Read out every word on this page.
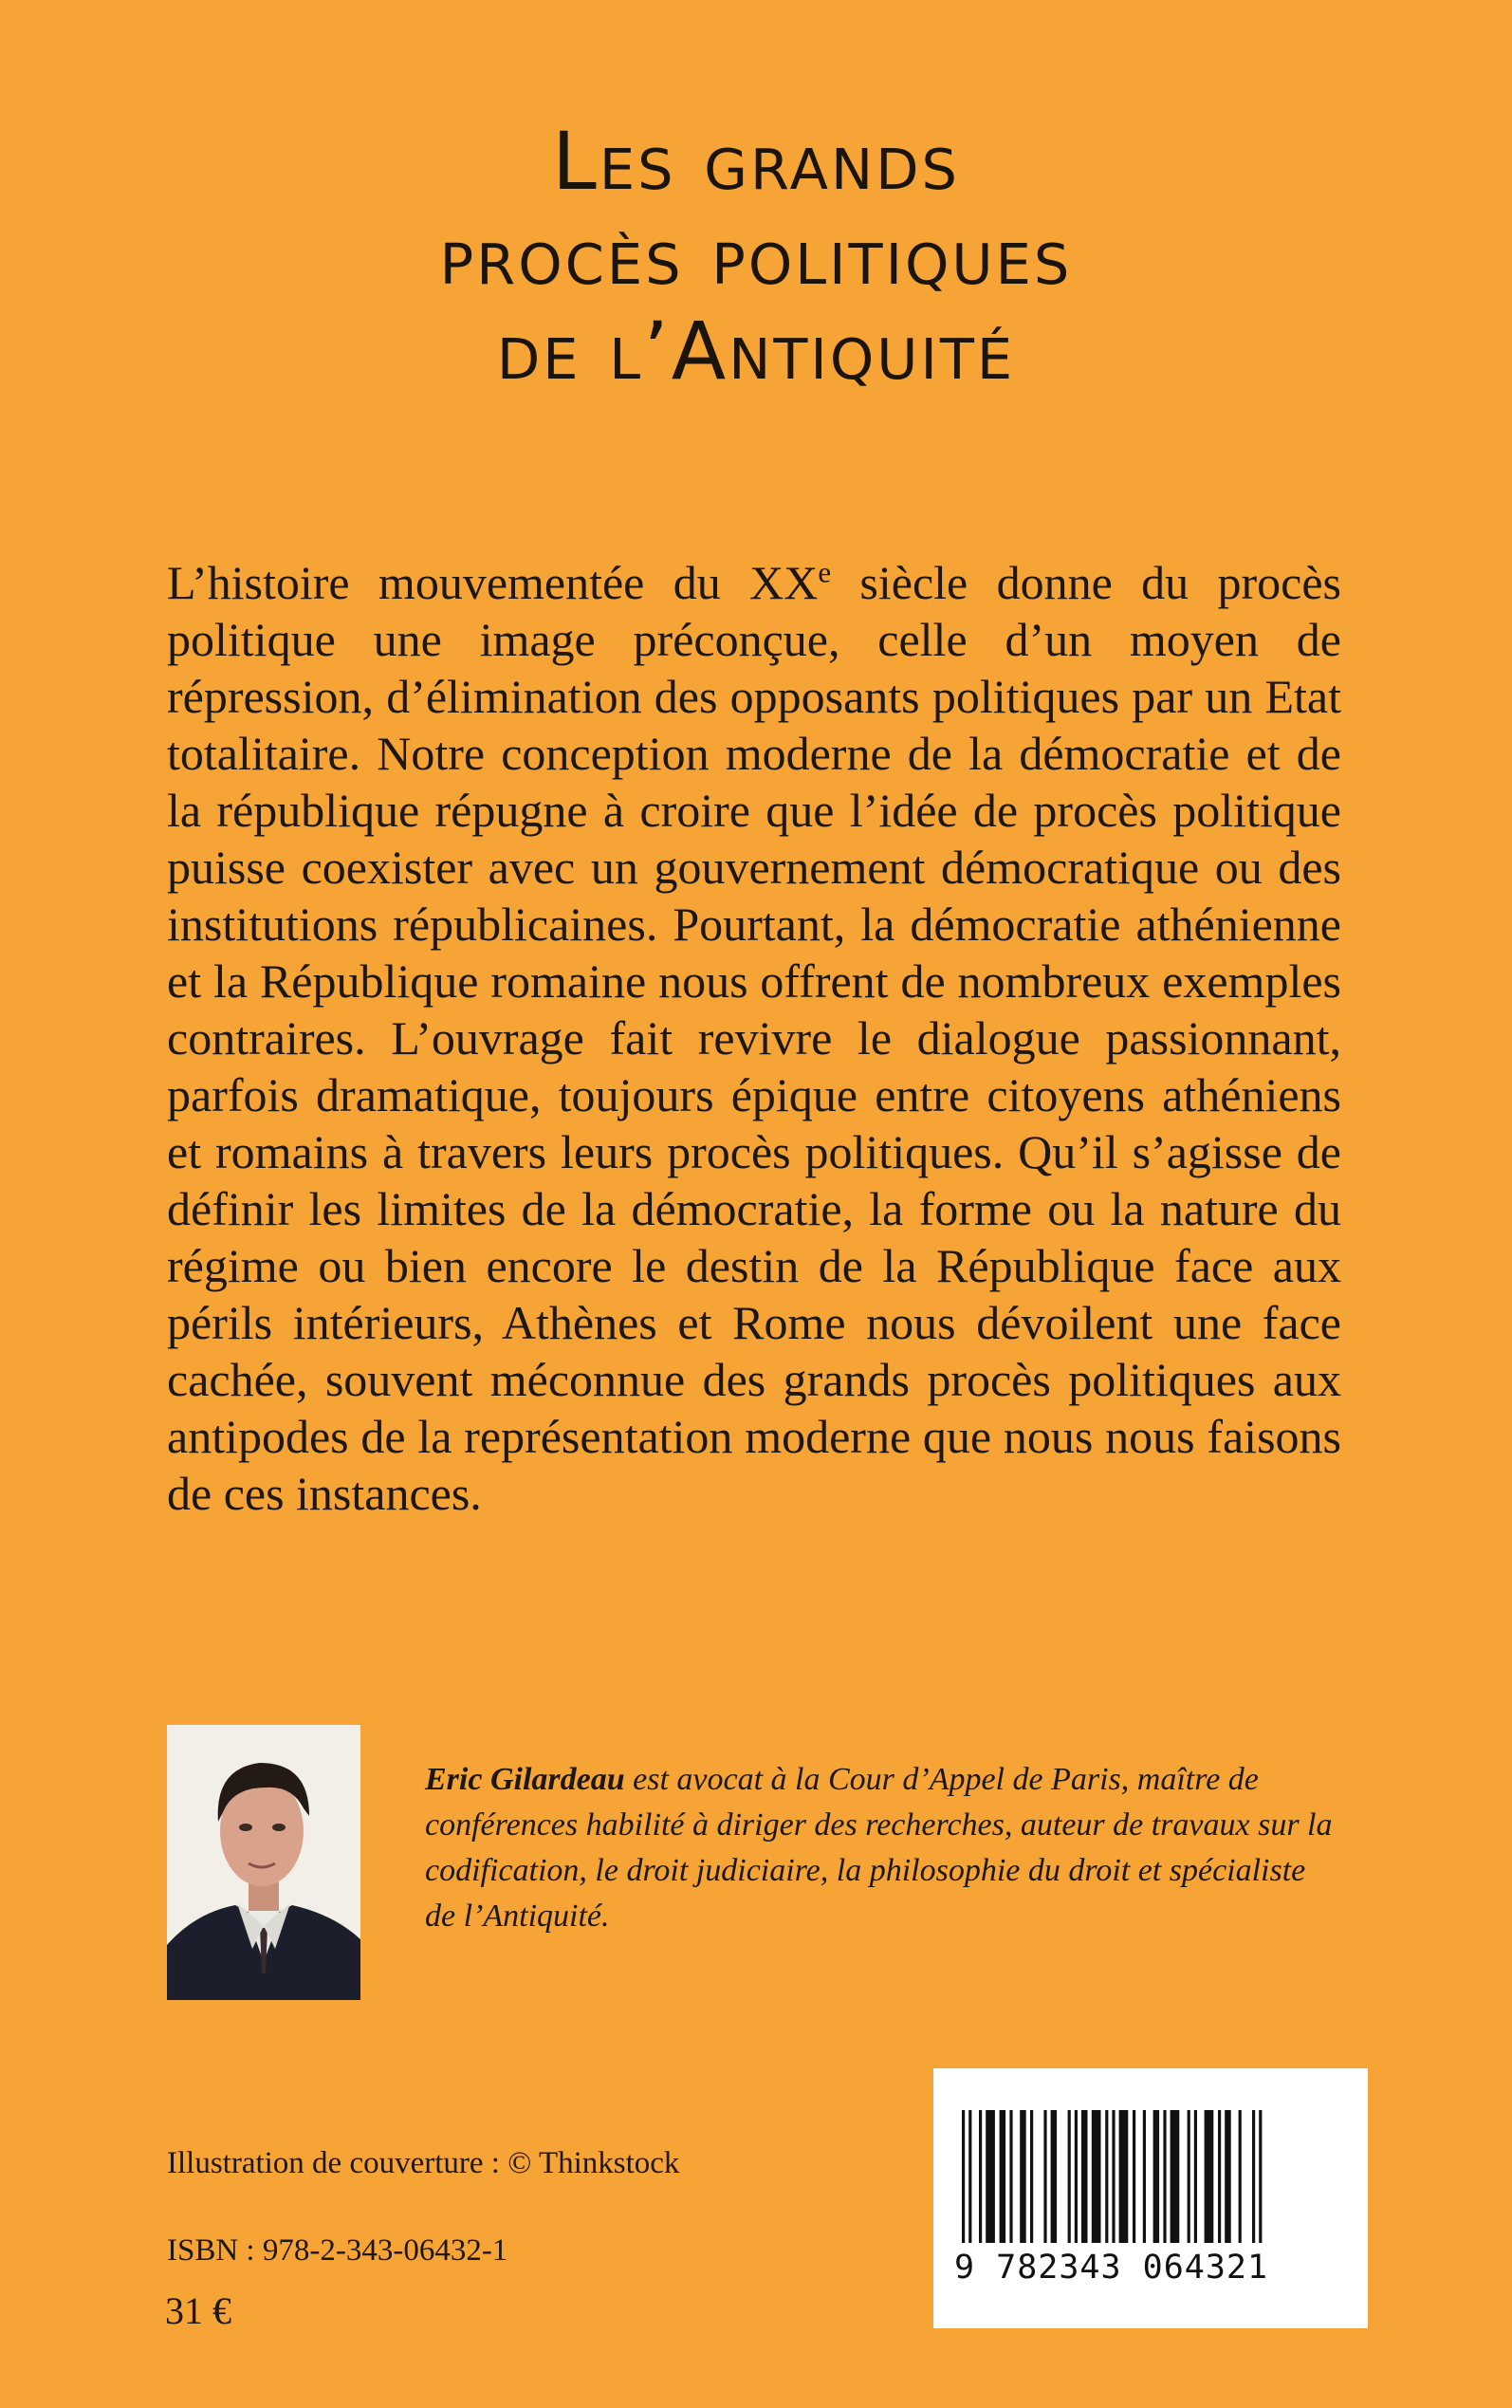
Les grands
procès politiques
de l’Antiquité
L’histoire mouvementée du XXe siècle donne du procès politique une image préconçue, celle d’un moyen de répression, d’élimination des opposants politiques par un Etat totalitaire. Notre conception moderne de la démocratie et de la république répugne à croire que l’idée de procès politique puisse coexister avec un gouvernement démocratique ou des institutions républicaines. Pourtant, la démocratie athénienne et la République romaine nous offrent de nombreux exemples contraires. L’ouvrage fait revivre le dialogue passionnant, parfois dramatique, toujours épique entre citoyens athéniens et romains à travers leurs procès politiques. Qu’il s’agisse de définir les limites de la démocratie, la forme ou la nature du régime ou bien encore le destin de la République face aux périls intérieurs, Athènes et Rome nous dévoilent une face cachée, souvent méconnue des grands procès politiques aux antipodes de la représentation moderne que nous nous faisons de ces instances.
Eric Gilardeau est avocat à la Cour d’Appel de Paris, maître de conférences habilité à diriger des recherches, auteur de travaux sur la codification, le droit judiciaire, la philosophie du droit et spécialiste de l’Antiquité.
Illustration de couverture : © Thinkstock
ISBN : 978-2-343-06432-1
31 €
9 782343 064321
